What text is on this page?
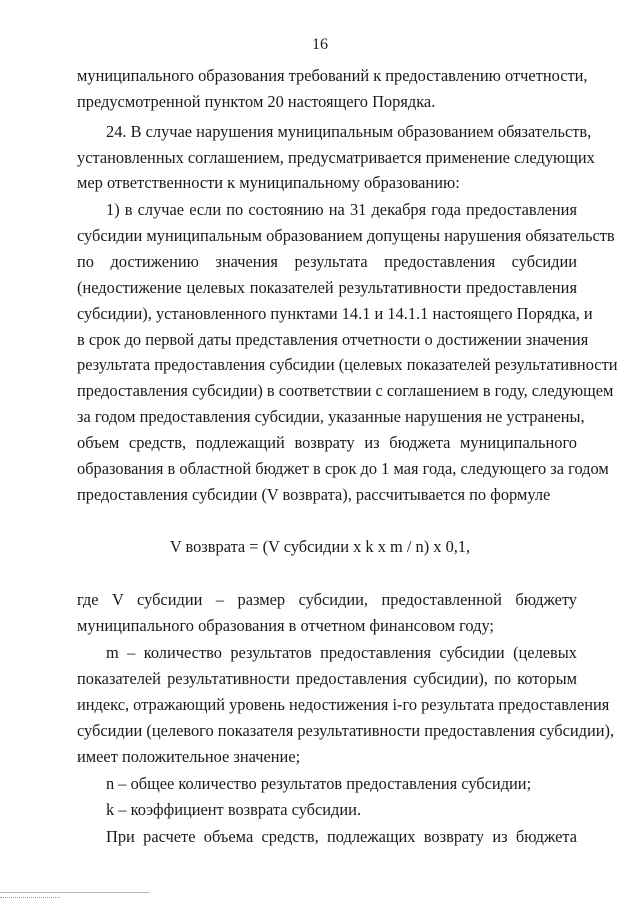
16
муниципального образования требований к предоставлению отчетности,
предусмотренной пунктом 20 настоящего Порядка.
24. В случае нарушения муниципальным образованием обязательств,
установленных соглашением, предусматривается применение следующих
мер ответственности к муниципальному образованию:
1) в случае если по состоянию на 31 декабря года предоставления
субсидии муниципальным образованием допущены нарушения обязательств
по достижению значения результата предоставления субсидии
(недостижение целевых показателей результативности предоставления
субсидии), установленного пунктами 14.1 и 14.1.1 настоящего Порядка, и
в срок до первой даты представления отчетности о достижении значения
результата предоставления субсидии (целевых показателей результативности
предоставления субсидии) в соответствии с соглашением в году, следующем
за годом предоставления субсидии, указанные нарушения не устранены,
объем средств, подлежащий возврату из бюджета муниципального
образования в областной бюджет в срок до 1 мая года, следующего за годом
предоставления субсидии (V возврата), рассчитывается по формуле
V возврата = (V субсидии x k x m / n) x 0,1,
где V субсидии – размер субсидии, предоставленной бюджету
муниципального образования в отчетном финансовом году;
m – количество результатов предоставления субсидии (целевых
показателей результативности предоставления субсидии), по которым
индекс, отражающий уровень недостижения i-го результата предоставления
субсидии (целевого показателя результативности предоставления субсидии),
имеет положительное значение;
n – общее количество результатов предоставления субсидии;
k – коэффициент возврата субсидии.
При расчете объема средств, подлежащих возврату из бюджета
